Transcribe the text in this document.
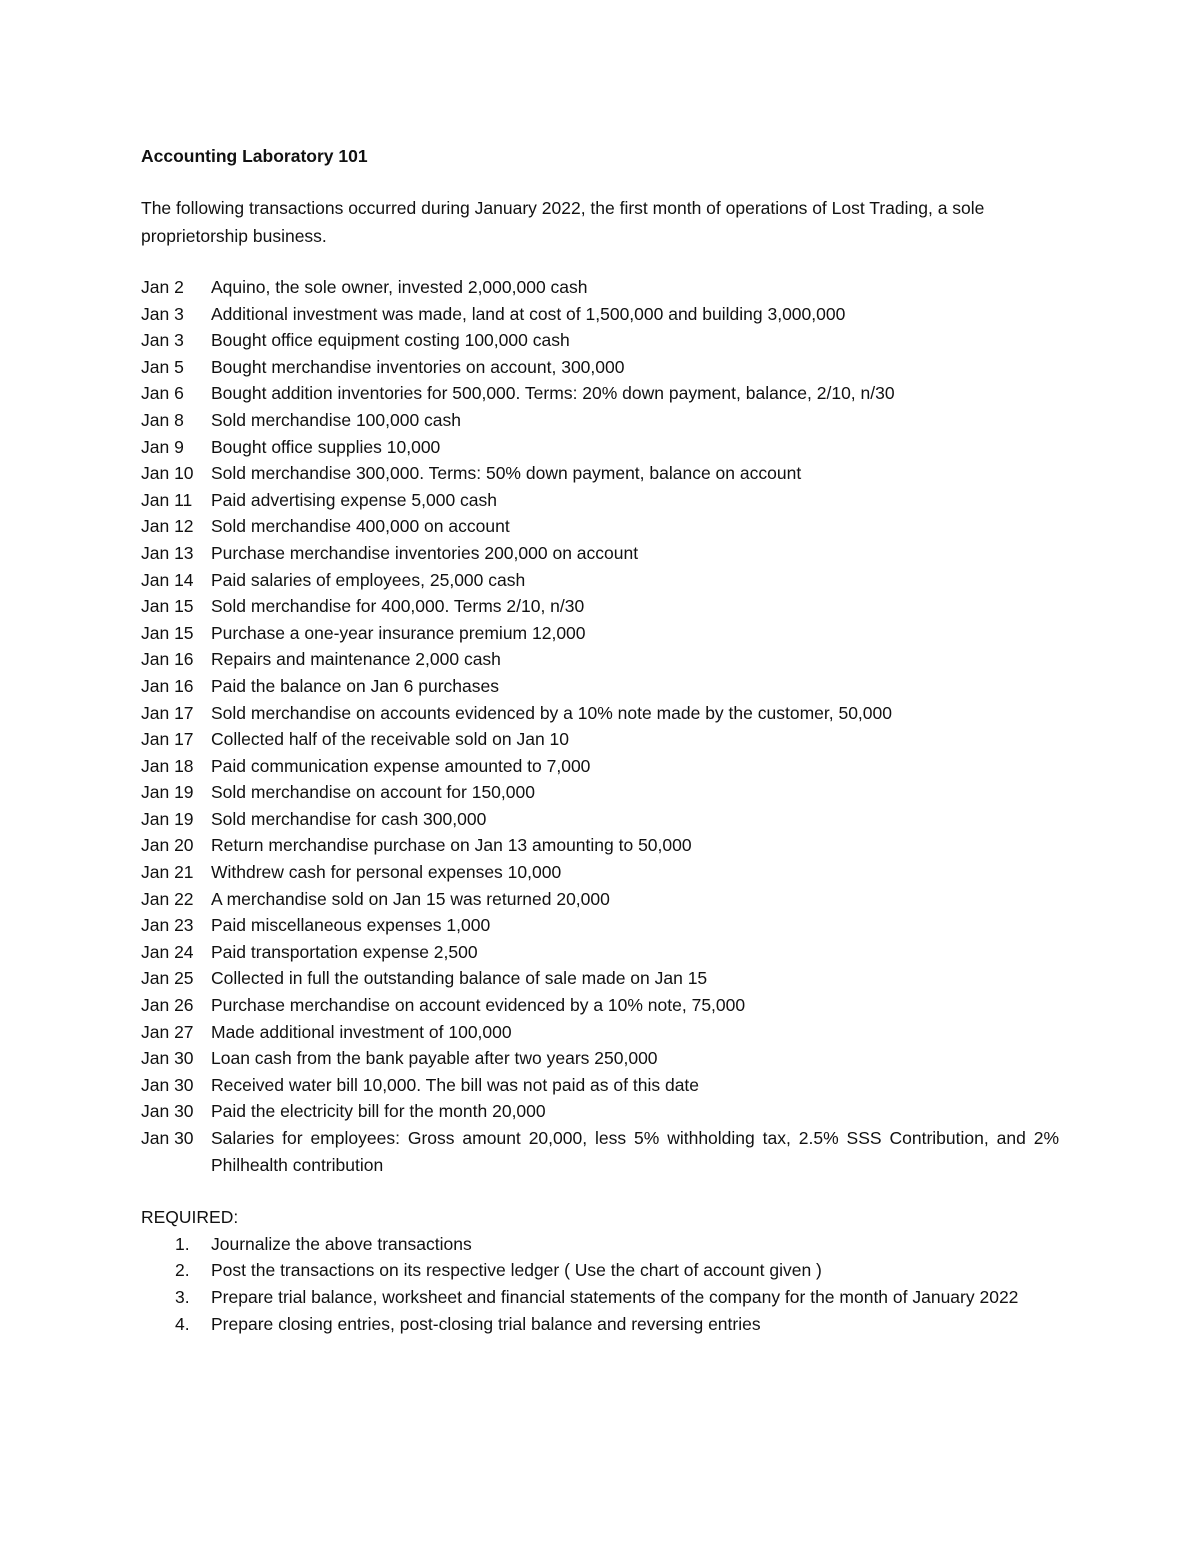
Accounting Laboratory 101
The following transactions occurred during January 2022, the first month of operations of Lost Trading, a sole proprietorship business.
Jan 2	Aquino, the sole owner, invested 2,000,000 cash
Jan 3	Additional investment was made, land at cost of 1,500,000 and building 3,000,000
Jan 3	Bought office equipment costing 100,000 cash
Jan 5	Bought merchandise inventories on account, 300,000
Jan 6	Bought addition inventories for 500,000. Terms: 20% down payment, balance, 2/10, n/30
Jan 8	Sold merchandise 100,000 cash
Jan 9	Bought office supplies 10,000
Jan 10 Sold merchandise 300,000. Terms: 50% down payment, balance on account
Jan 11	Paid advertising expense 5,000 cash
Jan 12 Sold merchandise 400,000 on account
Jan 13 Purchase merchandise inventories 200,000 on account
Jan 14 Paid salaries of employees, 25,000 cash
Jan 15 Sold merchandise for 400,000. Terms 2/10, n/30
Jan 15 Purchase a one-year insurance premium 12,000
Jan 16 Repairs and maintenance 2,000 cash
Jan 16 Paid the balance on Jan 6 purchases
Jan 17 Sold merchandise on accounts evidenced by a 10% note made by the customer, 50,000
Jan 17 Collected half of the receivable sold on Jan 10
Jan 18 Paid communication expense amounted to 7,000
Jan 19 Sold merchandise on account for 150,000
Jan 19 Sold merchandise for cash 300,000
Jan 20 Return merchandise purchase on Jan 13 amounting to 50,000
Jan 21 Withdrew cash for personal expenses 10,000
Jan 22 A merchandise sold on Jan 15 was returned 20,000
Jan 23 Paid miscellaneous expenses 1,000
Jan 24 Paid transportation expense 2,500
Jan 25 Collected in full the outstanding balance of sale made on Jan 15
Jan 26 Purchase merchandise on account evidenced by a 10% note, 75,000
Jan 27 Made additional investment of 100,000
Jan 30 Loan cash from the bank payable after two years 250,000
Jan 30 Received water bill 10,000. The bill was not paid as of this date
Jan 30 Paid the electricity bill for the month 20,000
Jan 30 Salaries for employees: Gross amount 20,000, less 5% withholding tax, 2.5% SSS Contribution, and 2% Philhealth contribution
REQUIRED:
1.	Journalize the above transactions
2.	Post the transactions on its respective ledger ( Use the chart of account given )
3.	Prepare trial balance, worksheet and financial statements of the company for the month of January 2022
4.	Prepare closing entries, post-closing trial balance and reversing entries
